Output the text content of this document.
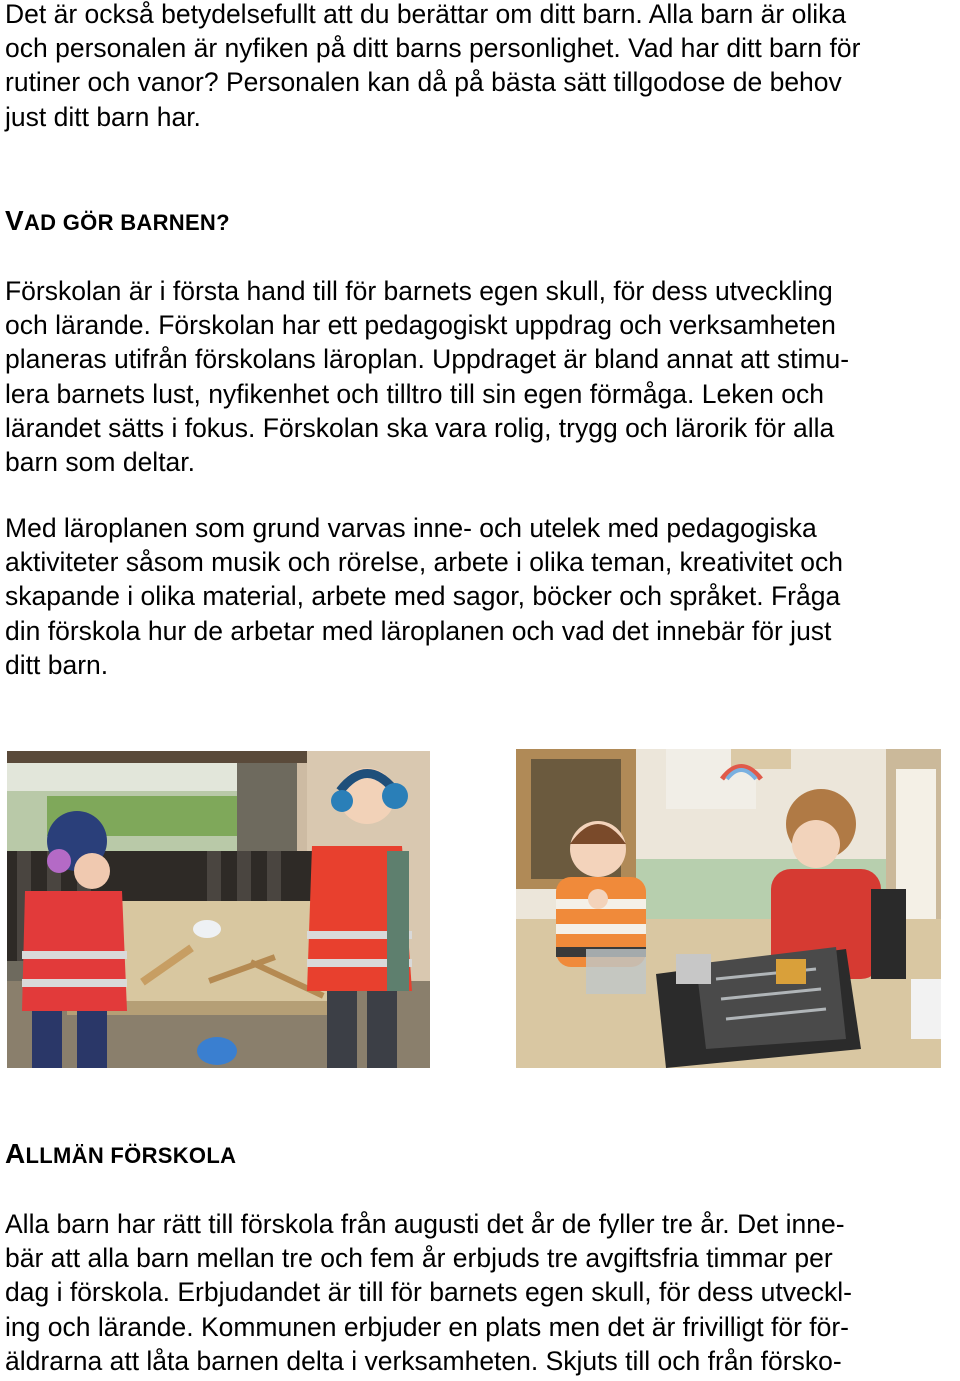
Det är också betydelsefullt att du berättar om ditt barn. Alla barn är olika
och personalen är nyfiken på ditt barns personlighet. Vad har ditt barn för
rutiner och vanor? Personalen kan då på bästa sätt tillgodose de behov
just ditt barn har.

VAD GÖR BARNEN?

Förskolan är i första hand till för barnets egen skull, för dess utveckling
och lärande. Förskolan har ett pedagogiskt uppdrag och verksamheten
planeras utifrån förskolans läroplan. Uppdraget är bland annat att stimu-
lera barnets lust, nyfikenhet och tilltro till sin egen förmåga. Leken och
lärandet sätts i fokus. Förskolan ska vara rolig, trygg och lärorik för alla
barn som deltar.

Med läroplanen som grund varvas inne- och utelek med pedagogiska
aktiviteter såsom musik och rörelse, arbete i olika teman, kreativitet och
skapande i olika material, arbete med sagor, böcker och språket. Fråga
din förskola hur de arbetar med läroplanen och vad det innebär för just
ditt barn.

ALLMÄN FÖRSKOLA

Alla barn har rätt till förskola från augusti det år de fyller tre år. Det inne-
bär att alla barn mellan tre och fem år erbjuds tre avgiftsfria timmar per
dag i förskola. Erbjudandet är till för barnets egen skull, för dess utveckl-
ing och lärande. Kommunen erbjuder en plats men det är frivilligt för för-
äldrarna att låta barnen delta i verksamheten. Skjuts till och från försko-
